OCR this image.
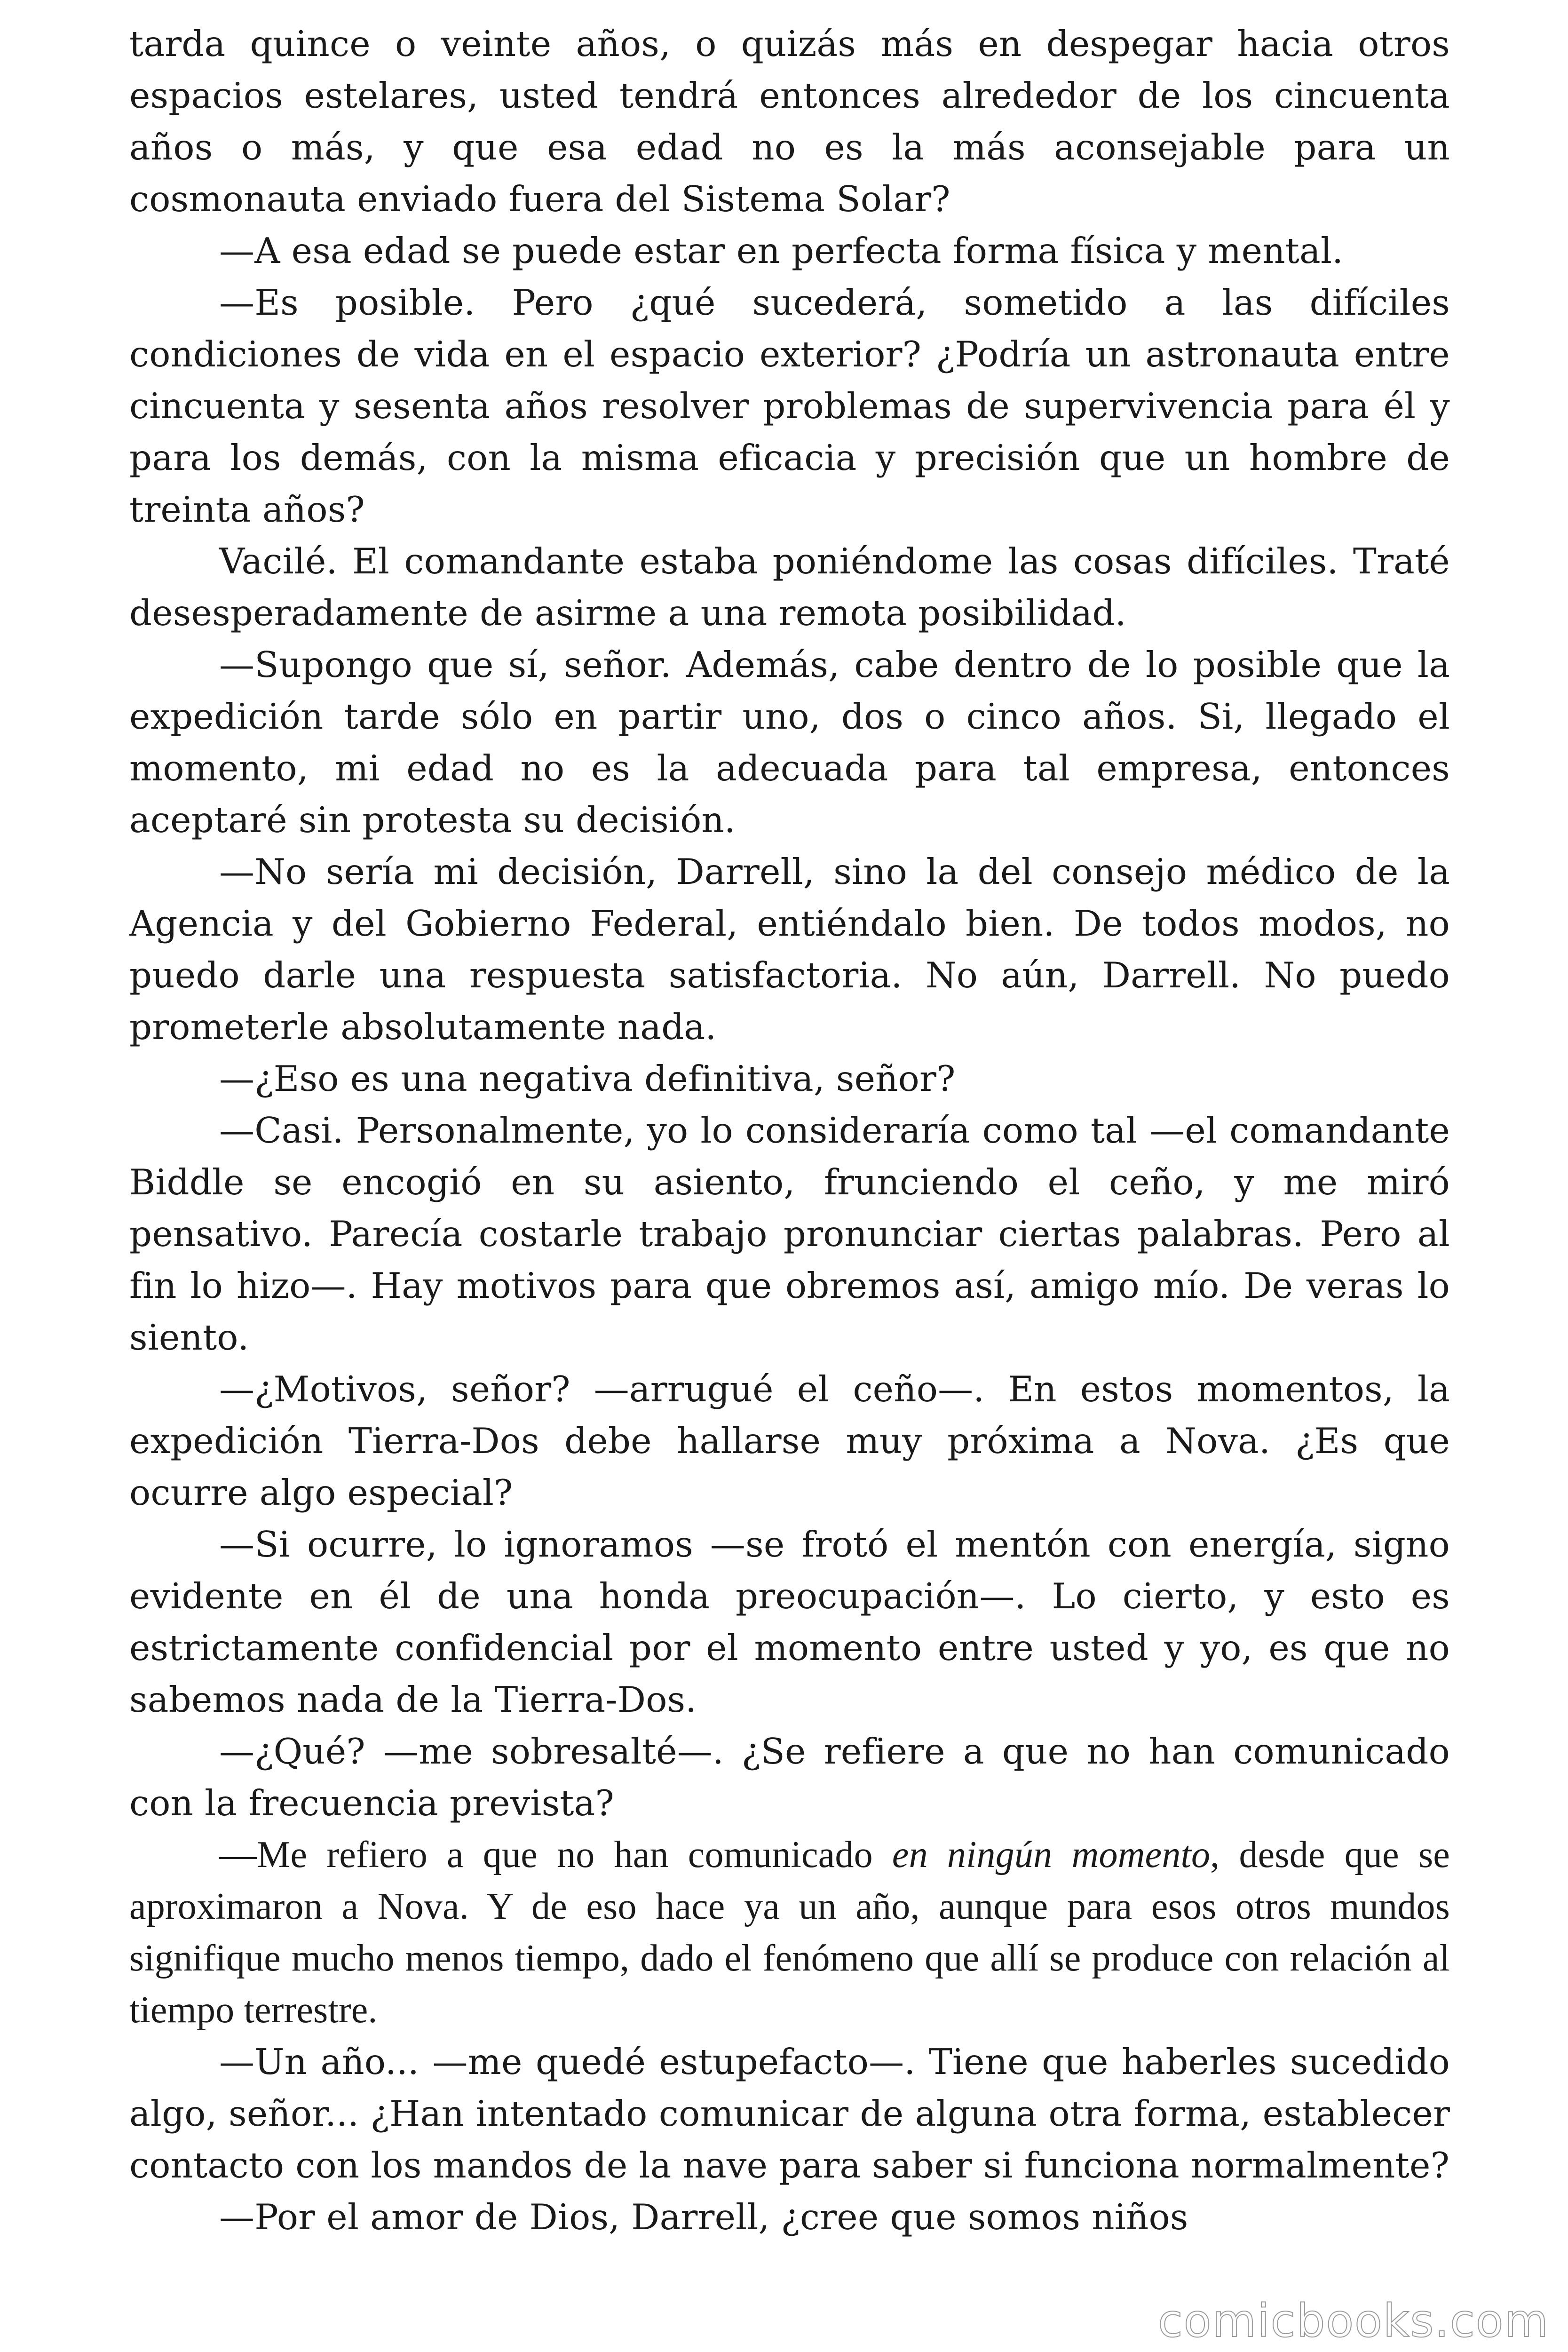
tarda quince o veinte años, o quizás más en despegar hacia otros espacios estelares, usted tendrá entonces alrededor de los cincuenta años o más, y que esa edad no es la más aconsejable para un cosmonauta enviado fuera del Sistema Solar?

—A esa edad se puede estar en perfecta forma física y mental.

—Es posible. Pero ¿qué sucederá, sometido a las difíciles condiciones de vida en el espacio exterior? ¿Podría un astronauta entre cincuenta y sesenta años resolver problemas de supervivencia para él y para los demás, con la misma eficacia y precisión que un hombre de treinta años?

Vacilé. El comandante estaba poniéndome las cosas difíciles. Traté desesperadamente de asirme a una remota posibilidad.

—Supongo que sí, señor. Además, cabe dentro de lo posible que la expedición tarde sólo en partir uno, dos o cinco años. Si, llegado el momento, mi edad no es la adecuada para tal empresa, entonces aceptaré sin protesta su decisión.

—No sería mi decisión, Darrell, sino la del consejo médico de la Agencia y del Gobierno Federal, entiéndalo bien. De todos modos, no puedo darle una respuesta satisfactoria. No aún, Darrell. No puedo prometerle absolutamente nada.

—¿Eso es una negativa definitiva, señor?

—Casi. Personalmente, yo lo consideraría como tal —el comandante Biddle se encogió en su asiento, frunciendo el ceño, y me miró pensativo. Parecía costarle trabajo pronunciar ciertas palabras. Pero al fin lo hizo—. Hay motivos para que obremos así, amigo mío. De veras lo siento.

—¿Motivos, señor? —arrugué el ceño—. En estos momentos, la expedición Tierra-Dos debe hallarse muy próxima a Nova. ¿Es que ocurre algo especial?

—Si ocurre, lo ignoramos —se frotó el mentón con energía, signo evidente en él de una honda preocupación—. Lo cierto, y esto es estrictamente confidencial por el momento entre usted y yo, es que no sabemos nada de la Tierra-Dos.

—¿Qué? —me sobresalté—. ¿Se refiere a que no han comunicado con la frecuencia prevista?

—Me refiero a que no han comunicado en ningún momento, desde que se aproximaron a Nova. Y de eso hace ya un año, aunque para esos otros mundos signifique mucho menos tiempo, dado el fenómeno que allí se produce con relación al tiempo terrestre.

—Un año... —me quedé estupefacto—. Tiene que haberles sucedido algo, señor... ¿Han intentado comunicar de alguna otra forma, establecer contacto con los mandos de la nave para saber si funciona normalmente?

—Por el amor de Dios, Darrell, ¿cree que somos niños

comicbooks.com
